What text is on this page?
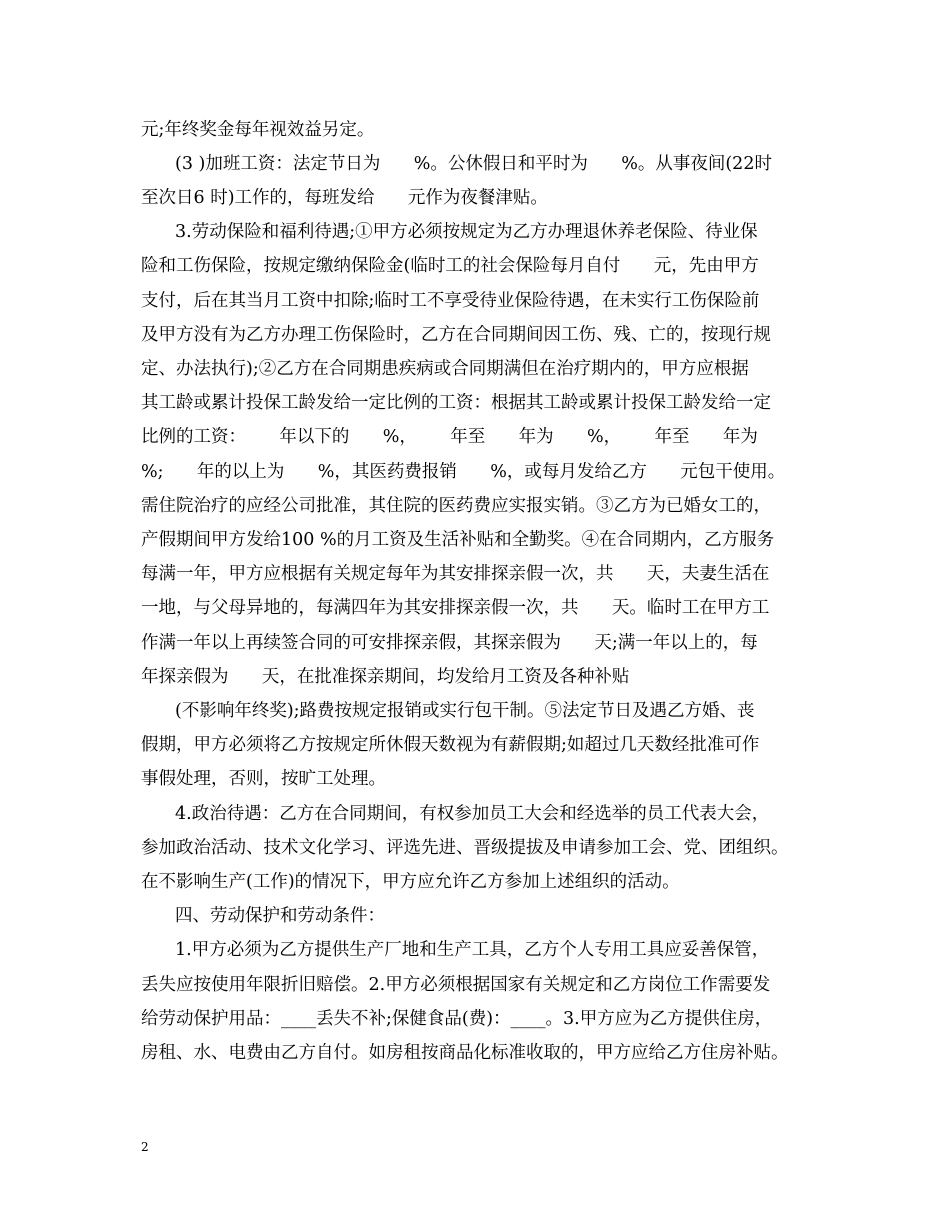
元;年终奖金每年视效益另定。
(3 )加班工资：法定节日为      %。公休假日和平时为      %。从事夜间(22时
至次日6 时)工作的，每班发给      元作为夜餐津贴。
3.劳动保险和福利待遇;①甲方必须按规定为乙方办理退休养老保险、待业保
险和工伤保险，按规定缴纳保险金(临时工的社会保险每月自付      元，先由甲方
支付，后在其当月工资中扣除;临时工不享受待业保险待遇，在未实行工伤保险前
及甲方没有为乙方办理工伤保险时，乙方在合同期间因工伤、残、亡的，按现行规
定、办法执行);②乙方在合同期患疾病或合同期满但在治疗期内的，甲方应根据
其工龄或累计投保工龄发给一定比例的工资：根据其工龄或累计投保工龄发给一定
比例的工资：      年以下的      %，      年至      年为      %，      年至      年为
%;      年的以上为      %，其医药费报销      %，或每月发给乙方      元包干使用。
需住院治疗的应经公司批准，其住院的医药费应实报实销。③乙方为已婚女工的，
产假期间甲方发给100 %的月工资及生活补贴和全勤奖。④在合同期内，乙方服务
每满一年，甲方应根据有关规定每年为其安排探亲假一次，共      天，夫妻生活在
一地，与父母异地的，每满四年为其安排探亲假一次，共      天。临时工在甲方工
作满一年以上再续签合同的可安排探亲假，其探亲假为      天;满一年以上的，每
年探亲假为      天，在批准探亲期间，均发给月工资及各种补贴
(不影响年终奖);路费按规定报销或实行包干制。⑤法定节日及遇乙方婚、丧
假期，甲方必须将乙方按规定所休假天数视为有薪假期;如超过几天数经批准可作
事假处理，否则，按旷工处理。
4.政治待遇：乙方在合同期间，有权参加员工大会和经选举的员工代表大会，
参加政治活动、技术文化学习、评选先进、晋级提拔及申请参加工会、党、团组织。
在不影响生产(工作)的情况下，甲方应允许乙方参加上述组织的活动。
四、劳动保护和劳动条件：
1.甲方必须为乙方提供生产厂地和生产工具，乙方个人专用工具应妥善保管，
丢失应按使用年限折旧赔偿。2.甲方必须根据国家有关规定和乙方岗位工作需要发
给劳动保护用品：____丢失不补;保健食品(费)：____。3.甲方应为乙方提供住房，
房租、水、电费由乙方自付。如房租按商品化标准收取的，甲方应给乙方住房补贴。
2
